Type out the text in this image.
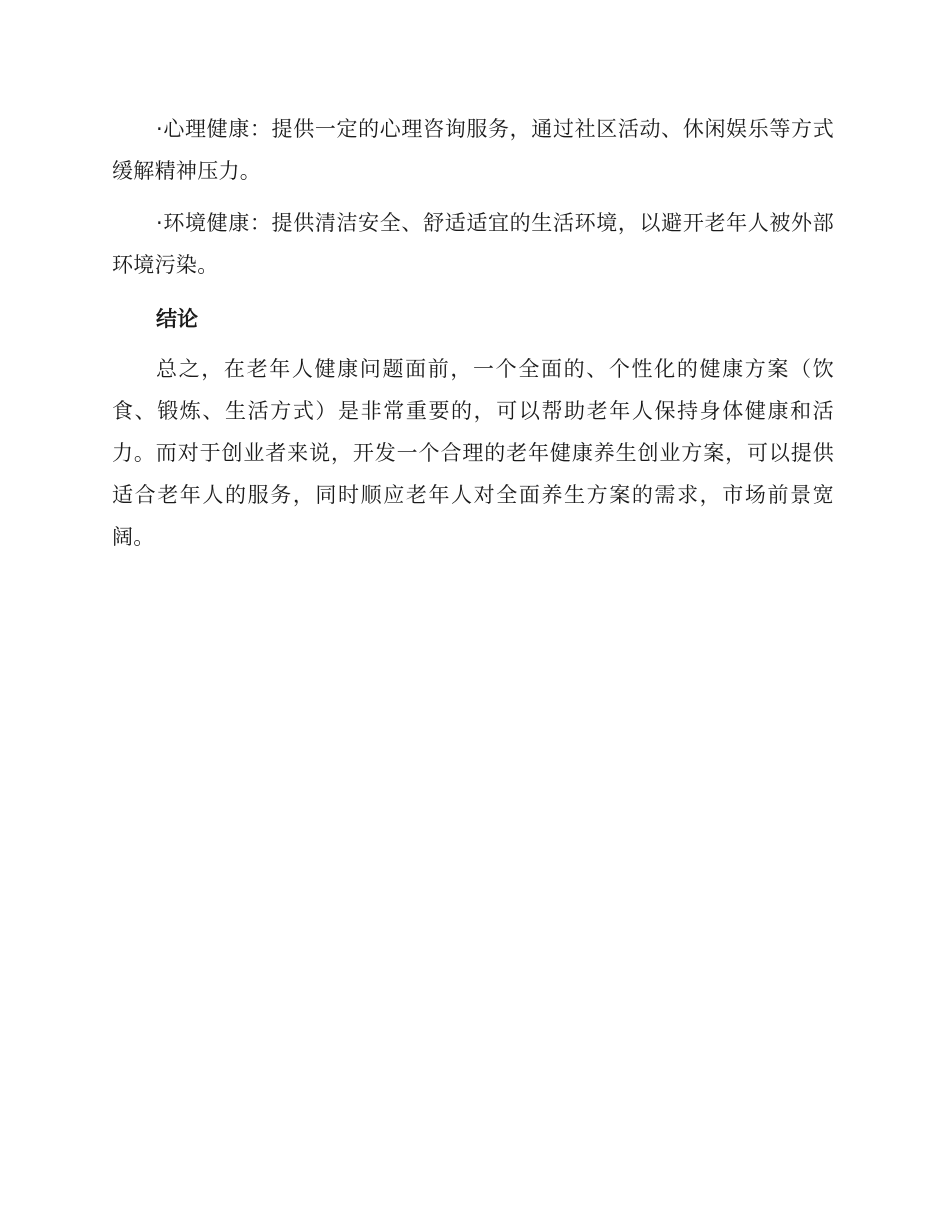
·心理健康：提供一定的心理咨询服务，通过社区活动、休闲娱乐等方式缓解精神压力。

·环境健康：提供清洁安全、舒适适宜的生活环境，以避开老年人被外部环境污染。

结论

总之，在老年人健康问题面前，一个全面的、个性化的健康方案（饮食、锻炼、生活方式）是非常重要的，可以帮助老年人保持身体健康和活力。而对于创业者来说，开发一个合理的老年健康养生创业方案，可以提供适合老年人的服务，同时顺应老年人对全面养生方案的需求，市场前景宽阔。
